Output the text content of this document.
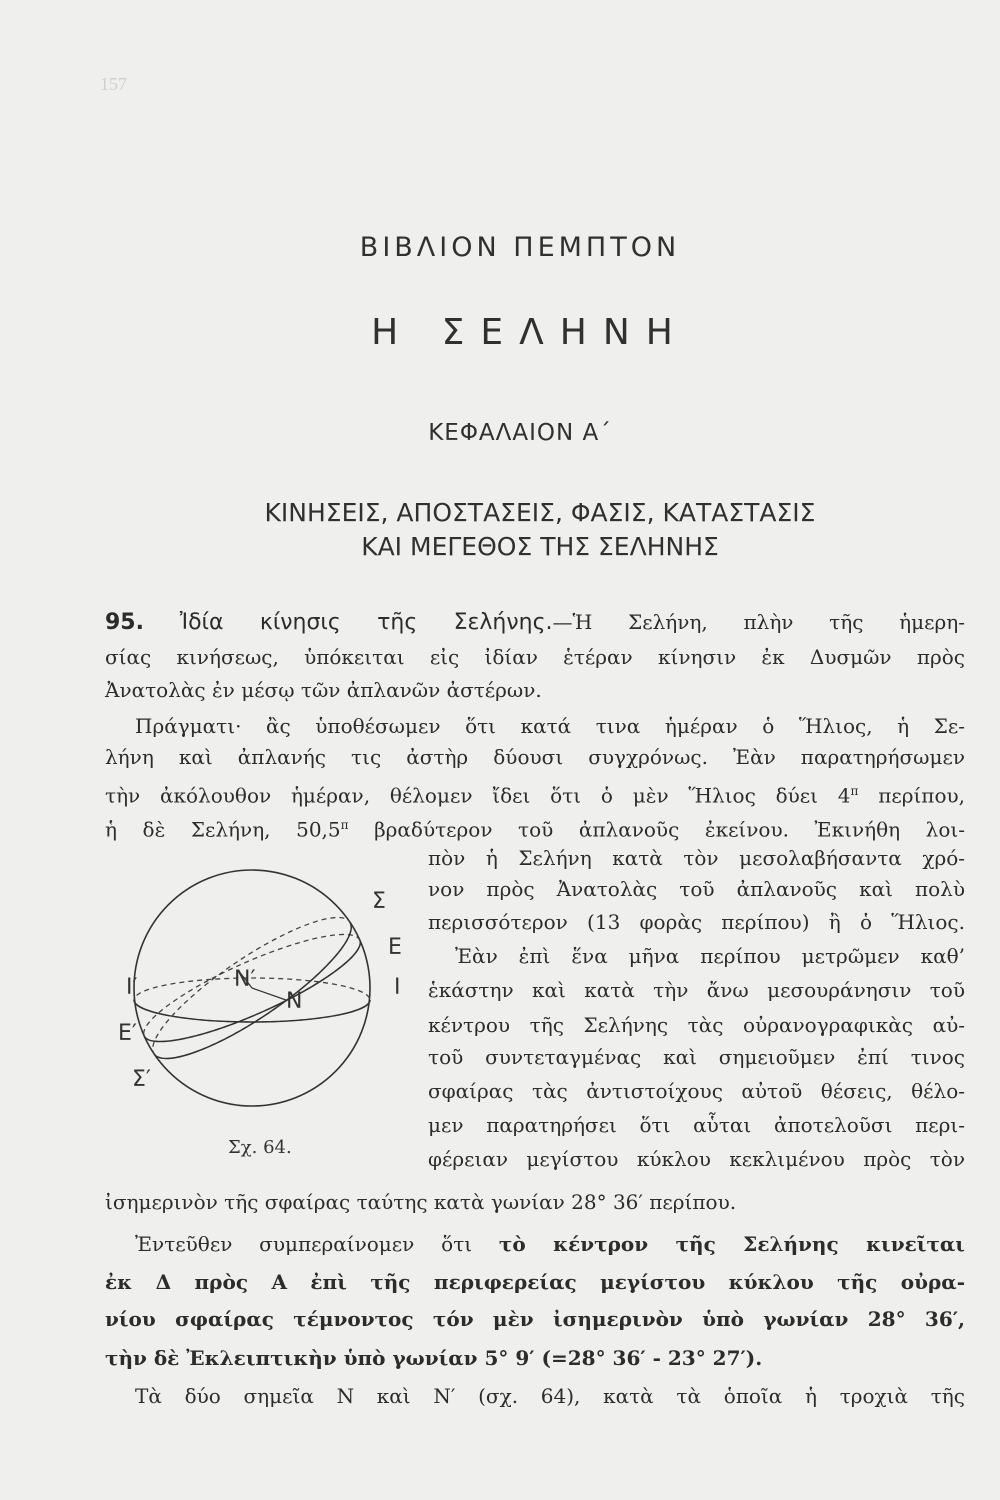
157
ΒΙΒΛΙΟΝ ΠΕΜΠΤΟΝ
Η ΣΕΛΗΝΗ
ΚΕΦΑΛΑΙΟΝ Α΄
ΚΙΝΗΣΕΙΣ, ΑΠΟΣΤΑΣΕΙΣ, ΦΑΣΙΣ, ΚΑΤΑΣΤΑΣΙΣ
ΚΑΙ ΜΕΓΕΘΟΣ ΤΗΣ ΣΕΛΗΝΗΣ
95. Ἰδία κίνησις τῆς Σελήνης.—Ἡ Σελήνη, πλὴν τῆς ἡμερη-
σίας κινήσεως, ὑπόκειται εἰς ἰδίαν ἑτέραν κίνησιν ἐκ Δυσμῶν πρὸς
Ἀνατολὰς ἐν μέσῳ τῶν ἀπλανῶν ἀστέρων.
Πράγματι· ἂς ὑποθέσωμεν ὅτι κατά τινα ἡμέραν ὁ Ἥλιος, ἡ Σε-
λήνη καὶ ἀπλανής τις ἀστὴρ δύουσι συγχρόνως. Ἐὰν παρατηρήσωμεν
τὴν ἀκόλουθον ἡμέραν, θέλομεν ἴδει ὅτι ὁ μὲν Ἥλιος δύει $4^\pi$ περίπου,
ἡ δὲ Σελήνη, $50,5^\pi$ βραδύτερον τοῦ ἀπλανοῦς ἐκείνου. Ἐκινήθη λοι-
πὸν ἡ Σελήνη κατὰ τὸν μεσολαβήσαντα χρό-
νον πρὸς Ἀνατολὰς τοῦ ἀπλανοῦς καὶ πολὺ
περισσότερον (13 φορὰς περίπου) ἢ ὁ Ἥλιος.
Ἐὰν ἐπὶ ἕνα μῆνα περίπου μετρῶμεν καθ’
ἑκάστην καὶ κατὰ τὴν ἄνω μεσουράνησιν τοῦ
κέντρου τῆς Σελήνης τὰς οὐρανογραφικὰς αὐ-
τοῦ συντεταγμένας καὶ σημειοῦμεν ἐπί τινος
σφαίρας τὰς ἀντιστοίχους αὐτοῦ θέσεις, θέλο-
μεν παρατηρήσει ὅτι αὗται ἀποτελοῦσι περι-
φέρειαν μεγίστου κύκλου κεκλιμένου πρὸς τὸν
ἰσημερινὸν τῆς σφαίρας ταύτης κατὰ γωνίαν 28° 36′ περίπου.
Ἐντεῦθεν συμπεραίνομεν ὅτι τὸ κέντρον τῆς Σελήνης κινεῖται
ἐκ Δ πρὸς Α ἐπὶ τῆς περιφερείας μεγίστου κύκλου τῆς οὐρα-
νίου σφαίρας τέμνοντος τόν μὲν ἰσημερινὸν ὑπὸ γωνίαν 28° 36′,
τὴν δὲ Ἐκλειπτικὴν ὑπὸ γωνίαν 5° 9′ (=28° 36′ - 23° 27′).
Τὰ δύο σημεῖα Ν καὶ Ν′ (σχ. 64), κατὰ τὰ ὁποῖα ἡ τροχιὰ τῆς
Σ
Ε
Ι
Ι′
Ε′
Σ′
Ν′
Ν
Σχ. 64.
